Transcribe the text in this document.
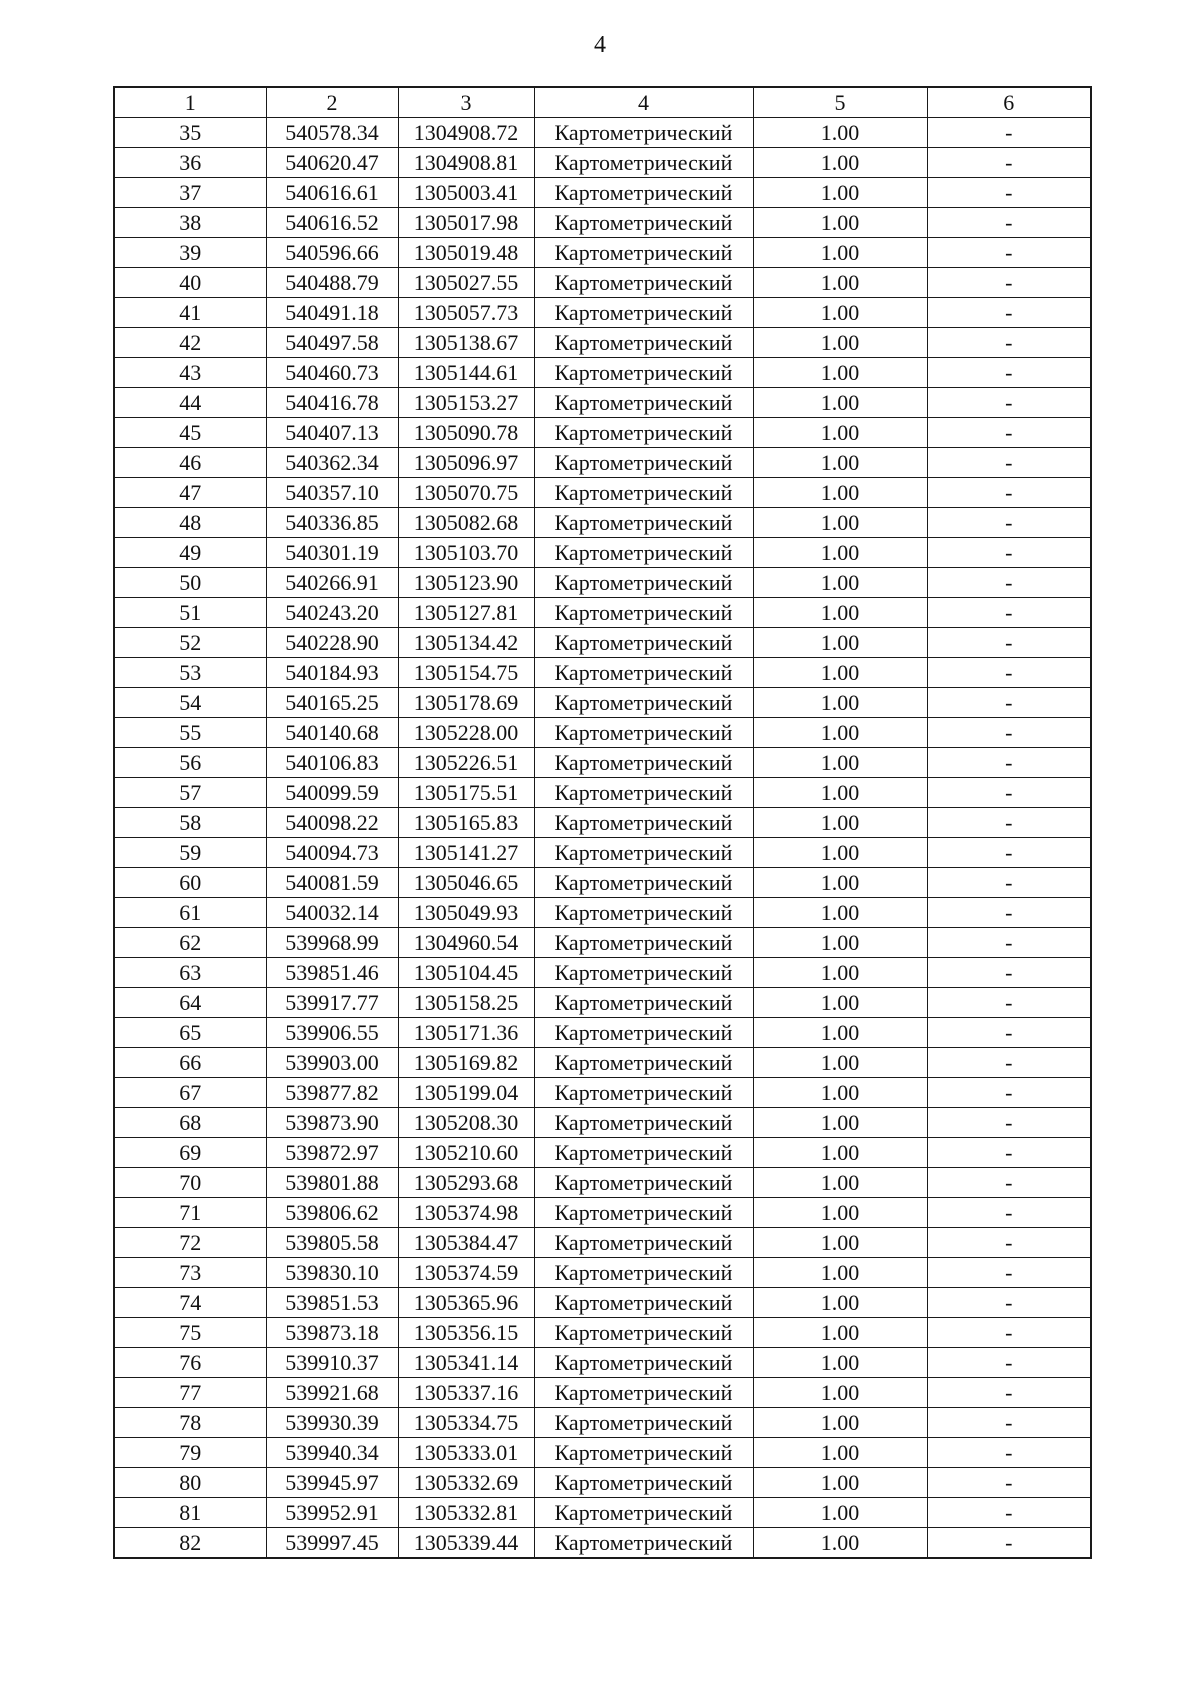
4
1	2	3	4	5	6
35	540578.34	1304908.72	Картометрический	1.00	-
36	540620.47	1304908.81	Картометрический	1.00	-
37	540616.61	1305003.41	Картометрический	1.00	-
38	540616.52	1305017.98	Картометрический	1.00	-
39	540596.66	1305019.48	Картометрический	1.00	-
40	540488.79	1305027.55	Картометрический	1.00	-
41	540491.18	1305057.73	Картометрический	1.00	-
42	540497.58	1305138.67	Картометрический	1.00	-
43	540460.73	1305144.61	Картометрический	1.00	-
44	540416.78	1305153.27	Картометрический	1.00	-
45	540407.13	1305090.78	Картометрический	1.00	-
46	540362.34	1305096.97	Картометрический	1.00	-
47	540357.10	1305070.75	Картометрический	1.00	-
48	540336.85	1305082.68	Картометрический	1.00	-
49	540301.19	1305103.70	Картометрический	1.00	-
50	540266.91	1305123.90	Картометрический	1.00	-
51	540243.20	1305127.81	Картометрический	1.00	-
52	540228.90	1305134.42	Картометрический	1.00	-
53	540184.93	1305154.75	Картометрический	1.00	-
54	540165.25	1305178.69	Картометрический	1.00	-
55	540140.68	1305228.00	Картометрический	1.00	-
56	540106.83	1305226.51	Картометрический	1.00	-
57	540099.59	1305175.51	Картометрический	1.00	-
58	540098.22	1305165.83	Картометрический	1.00	-
59	540094.73	1305141.27	Картометрический	1.00	-
60	540081.59	1305046.65	Картометрический	1.00	-
61	540032.14	1305049.93	Картометрический	1.00	-
62	539968.99	1304960.54	Картометрический	1.00	-
63	539851.46	1305104.45	Картометрический	1.00	-
64	539917.77	1305158.25	Картометрический	1.00	-
65	539906.55	1305171.36	Картометрический	1.00	-
66	539903.00	1305169.82	Картометрический	1.00	-
67	539877.82	1305199.04	Картометрический	1.00	-
68	539873.90	1305208.30	Картометрический	1.00	-
69	539872.97	1305210.60	Картометрический	1.00	-
70	539801.88	1305293.68	Картометрический	1.00	-
71	539806.62	1305374.98	Картометрический	1.00	-
72	539805.58	1305384.47	Картометрический	1.00	-
73	539830.10	1305374.59	Картометрический	1.00	-
74	539851.53	1305365.96	Картометрический	1.00	-
75	539873.18	1305356.15	Картометрический	1.00	-
76	539910.37	1305341.14	Картометрический	1.00	-
77	539921.68	1305337.16	Картометрический	1.00	-
78	539930.39	1305334.75	Картометрический	1.00	-
79	539940.34	1305333.01	Картометрический	1.00	-
80	539945.97	1305332.69	Картометрический	1.00	-
81	539952.91	1305332.81	Картометрический	1.00	-
82	539997.45	1305339.44	Картометрический	1.00	-
